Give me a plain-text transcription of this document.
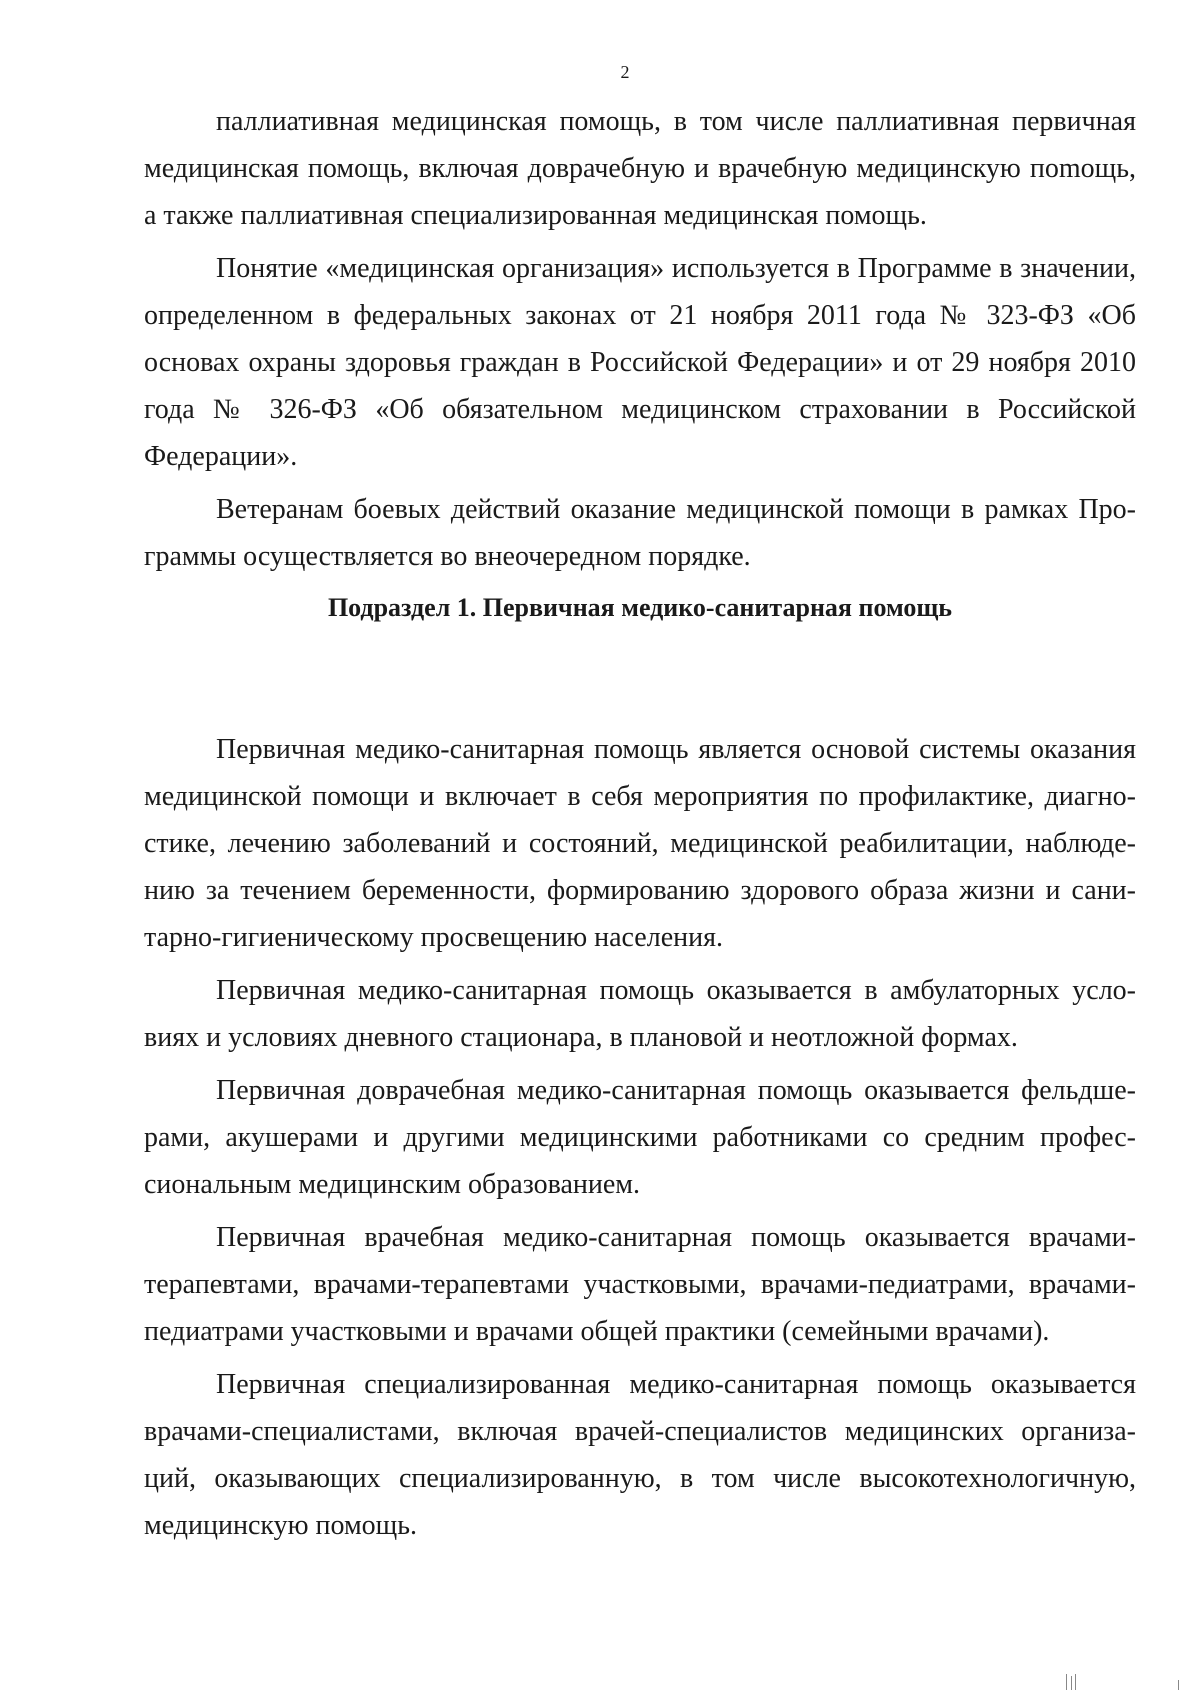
2

паллиативная медицинская помощь, в том числе паллиативная первичная медицинская помощь, включая доврачебную и врачебную медицинскую поmощь, а также паллиативная специализированная медицинская помощь.

Понятие «медицинская организация» используется в Программе в значении, определенном в федеральных законах от 21 ноября 2011 года № 323-ФЗ «Об основах охраны здоровья граждан в Российской Федерации» и от 29 ноября 2010 года № 326-ФЗ «Об обязательном медицинском страховании в Российской Федерации».

Ветеранам боевых действий оказание медицинской помощи в рамках Программы осуществляется во внеочередном порядке.

Подраздел 1. Первичная медико-санитарная помощь

Первичная медико-санитарная помощь является основой системы оказания медицинской помощи и включает в себя мероприятия по профилактике, диагностике, лечению заболеваний и состояний, медицинской реабилитации, наблюдению за течением беременности, формированию здорового образа жизни и санитарно-гигиеническому просвещению населения.

Первичная медико-санитарная помощь оказывается в амбулаторных условиях и условиях дневного стационара, в плановой и неотложной формах.

Первичная доврачебная медико-санитарная помощь оказывается фельдшерами, акушерами и другими медицинскими работниками со средним профессиональным медицинским образованием.

Первичная врачебная медико-санитарная помощь оказывается врачами-терапевтами, врачами-терапевтами участковыми, врачами-педиатрами, врачами-педиатрами участковыми и врачами общей практики (семейными врачами).

Первичная специализированная медико-санитарная помощь оказывается врачами-специалистами, включая врачей-специалистов медицинских организаций, оказывающих специализированную, в том числе высокотехнологичную, медицинскую помощь.
